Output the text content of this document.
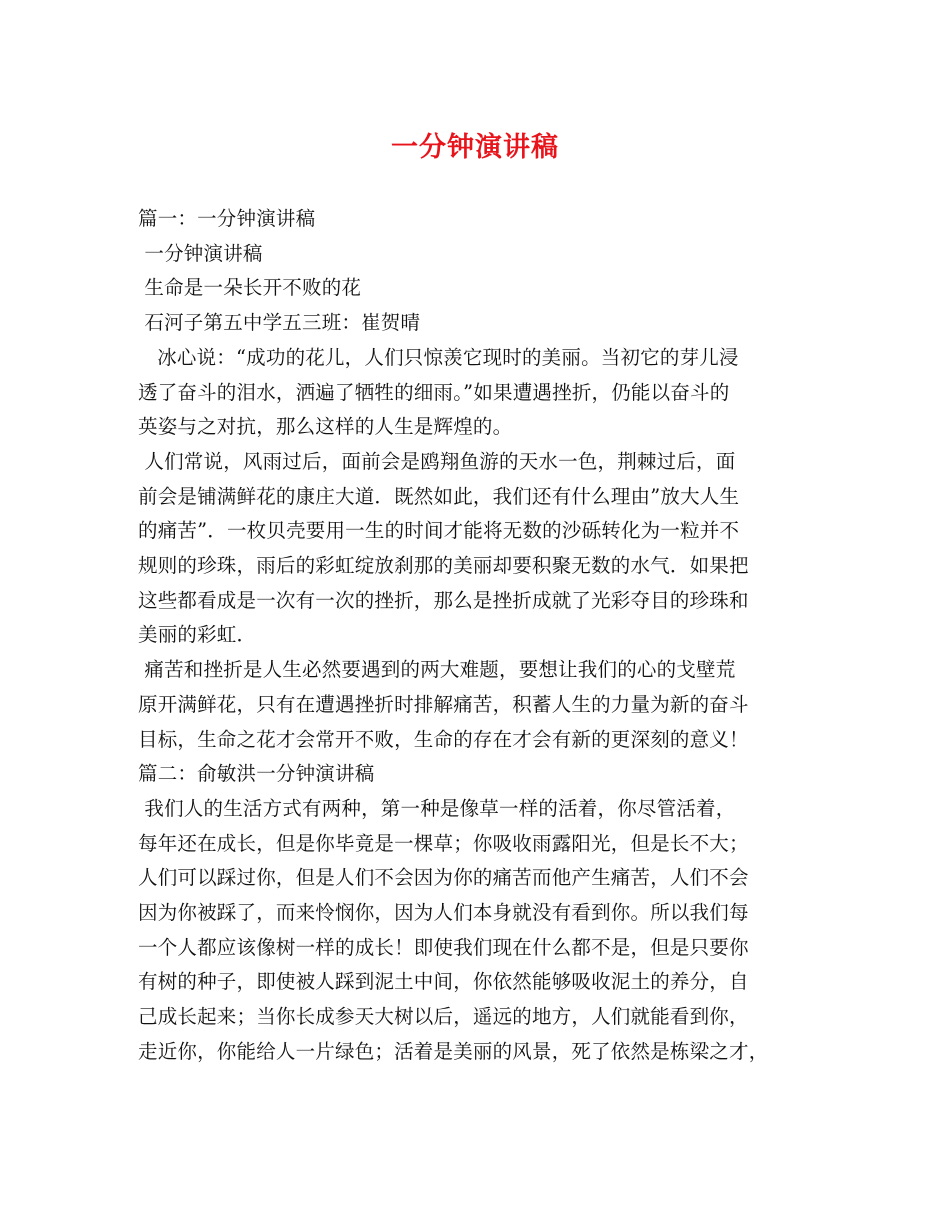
一分钟演讲稿
篇一：一分钟演讲稿
一分钟演讲稿
生命是一朵长开不败的花
石河子第五中学五三班：崔贺晴
冰心说：“成功的花儿，人们只惊羡它现时的美丽。当初它的芽儿浸
透了奋斗的泪水，洒遍了牺牲的细雨。”如果遭遇挫折，仍能以奋斗的
英姿与之对抗，那么这样的人生是辉煌的。
人们常说，风雨过后，面前会是鸥翔鱼游的天水一色，荆棘过后，面
前会是铺满鲜花的康庄大道．既然如此，我们还有什么理由”放大人生
的痛苦”．一枚贝壳要用一生的时间才能将无数的沙砾转化为一粒并不
规则的珍珠，雨后的彩虹绽放刹那的美丽却要积聚无数的水气．如果把
这些都看成是一次有一次的挫折，那么是挫折成就了光彩夺目的珍珠和
美丽的彩虹．
痛苦和挫折是人生必然要遇到的两大难题，要想让我们的心的戈壁荒
原开满鲜花，只有在遭遇挫折时排解痛苦，积蓄人生的力量为新的奋斗
目标，生命之花才会常开不败，生命的存在才会有新的更深刻的意义！
篇二：俞敏洪一分钟演讲稿
我们人的生活方式有两种，第一种是像草一样的活着，你尽管活着，
每年还在成长，但是你毕竟是一棵草；你吸收雨露阳光，但是长不大；
人们可以踩过你，但是人们不会因为你的痛苦而他产生痛苦，人们不会
因为你被踩了，而来怜悯你，因为人们本身就没有看到你。所以我们每
一个人都应该像树一样的成长！即使我们现在什么都不是，但是只要你
有树的种子，即使被人踩到泥土中间，你依然能够吸收泥土的养分，自
己成长起来；当你长成参天大树以后，遥远的地方，人们就能看到你，
走近你，你能给人一片绿色；活着是美丽的风景，死了依然是栋梁之才，
